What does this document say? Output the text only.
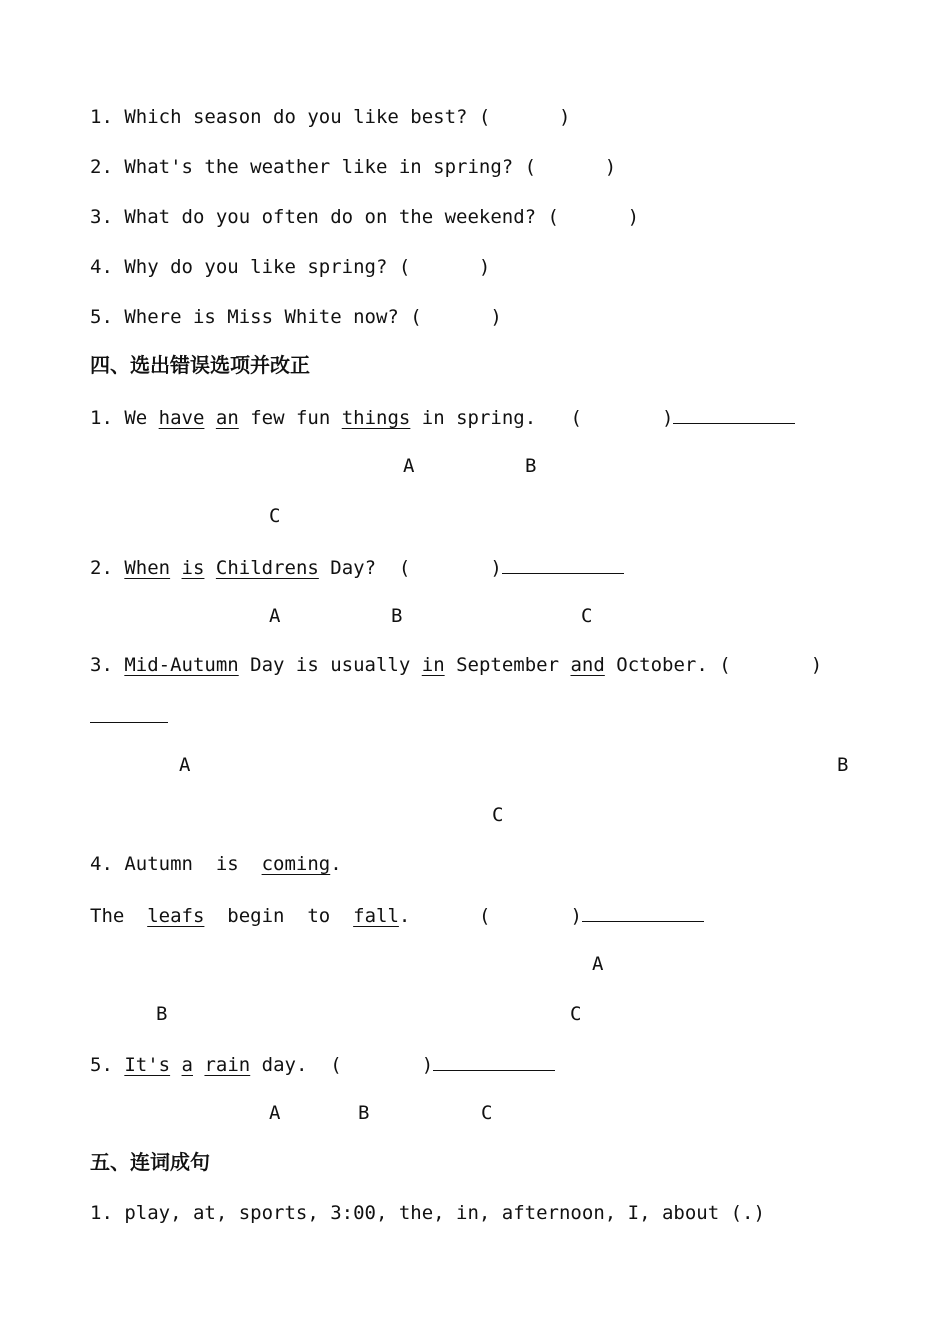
1. Which season do you like best? (      )
2. What's the weather like in spring? (      )
3. What do you often do on the weekend? (      )
4. Why do you like spring? (      )
5. Where is Miss White now? (      )
四、选出错误选项并改正
1. We have an few fun things in spring.   (       )
A	B
C
2. When is Childrens Day?  (       )
A	B	C
3. Mid-Autumn Day is usually in September and October. (       )
A	B
C
4. Autumn  is  coming.
The  leafs  begin  to  fall.      (       )
A
B	C
5. It's a rain day.  (       )
A	B	C
五、连词成句
1. play, at, sports, 3:00, the, in, afternoon, I, about (.)
